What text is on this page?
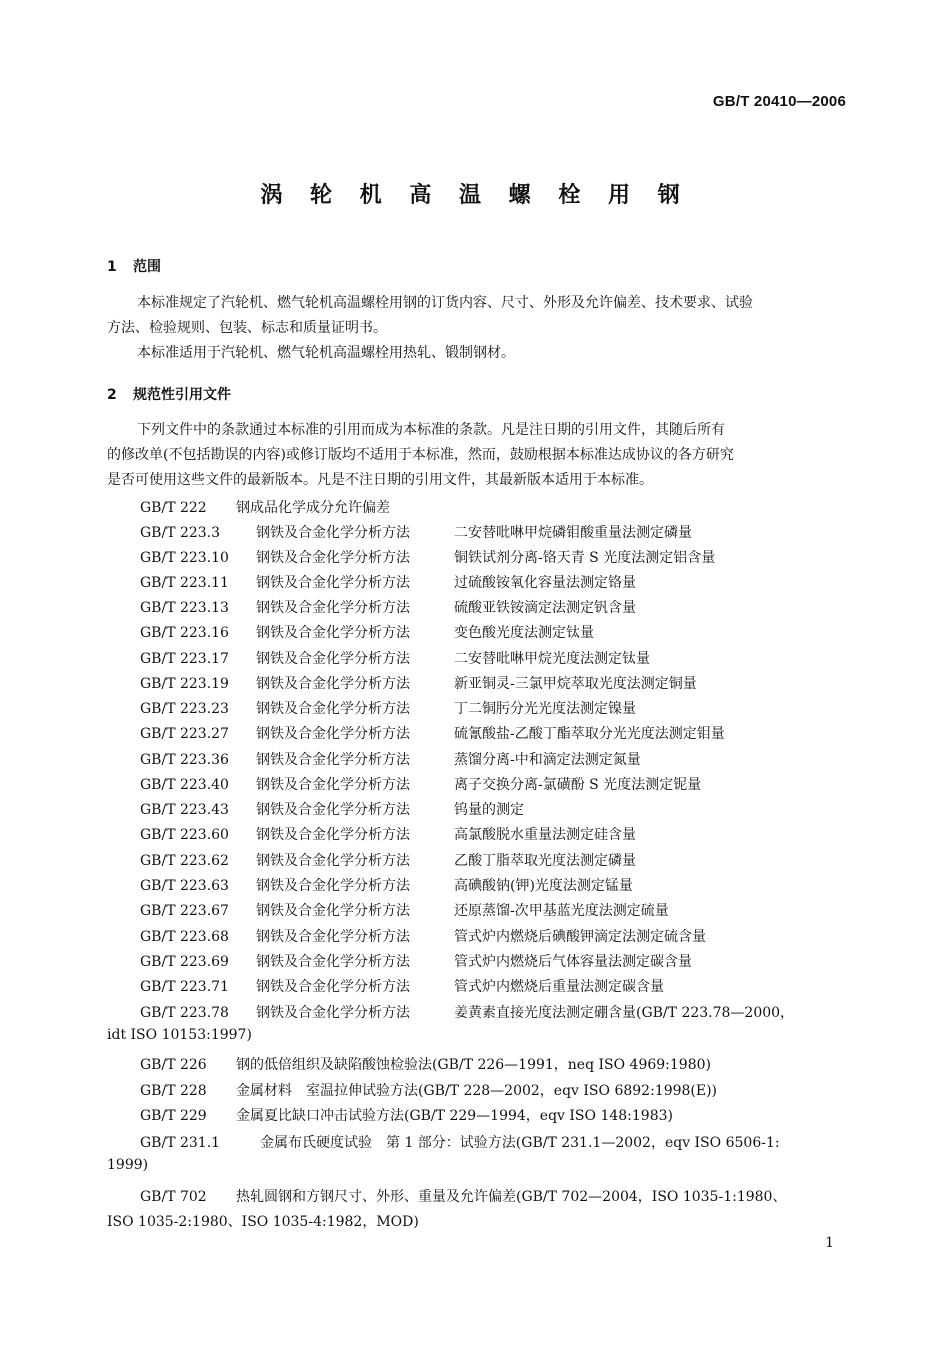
GB/T 20410—2006
涡 轮 机 高 温 螺 栓 用 钢
1 范围
本标准规定了汽轮机、燃气轮机高温螺栓用钢的订货内容、尺寸、外形及允许偏差、技术要求、试验
方法、检验规则、包装、标志和质量证明书。
本标准适用于汽轮机、燃气轮机高温螺栓用热轧、锻制钢材。
2 规范性引用文件
下列文件中的条款通过本标准的引用而成为本标准的条款。凡是注日期的引用文件，其随后所有
的修改单(不包括勘误的内容)或修订版均不适用于本标准，然而，鼓励根据本标准达成协议的各方研究
是否可使用这些文件的最新版本。凡是不注日期的引用文件，其最新版本适用于本标准。
GB/T 222 钢成品化学成分允许偏差
GB/T 223.3	钢铁及合金化学分析方法	二安替吡啉甲烷磷钼酸重量法测定磷量
GB/T 223.10 钢铁及合金化学分析方法	铜铁试剂分离-铬天青 S 光度法测定铝含量
GB/T 223.11 钢铁及合金化学分析方法	过硫酸铵氧化容量法测定铬量
GB/T 223.13 钢铁及合金化学分析方法	硫酸亚铁铵滴定法测定钒含量
GB/T 223.16 钢铁及合金化学分析方法	变色酸光度法测定钛量
GB/T 223.17 钢铁及合金化学分析方法	二安替吡啉甲烷光度法测定钛量
GB/T 223.19 钢铁及合金化学分析方法	新亚铜灵-三氯甲烷萃取光度法测定铜量
GB/T 223.23 钢铁及合金化学分析方法	丁二铜肟分光光度法测定镍量
GB/T 223.27 钢铁及合金化学分析方法	硫氰酸盐-乙酸丁酯萃取分光光度法测定钼量
GB/T 223.36 钢铁及合金化学分析方法	蒸馏分离-中和滴定法测定氮量
GB/T 223.40 钢铁及合金化学分析方法	离子交换分离-氯磺酚 S 光度法测定铌量
GB/T 223.43 钢铁及合金化学分析方法	钨量的测定
GB/T 223.60 钢铁及合金化学分析方法	高氯酸脱水重量法测定硅含量
GB/T 223.62 钢铁及合金化学分析方法	乙酸丁脂萃取光度法测定磷量
GB/T 223.63 钢铁及合金化学分析方法	高碘酸钠(钾)光度法测定锰量
GB/T 223.67 钢铁及合金化学分析方法	还原蒸馏-次甲基蓝光度法测定硫量
GB/T 223.68 钢铁及合金化学分析方法	管式炉内燃烧后碘酸钾滴定法测定硫含量
GB/T 223.69 钢铁及合金化学分析方法	管式炉内燃烧后气体容量法测定碳含量
GB/T 223.71 钢铁及合金化学分析方法	管式炉内燃烧后重量法测定碳含量
GB/T 223.78 钢铁及合金化学分析方法	姜黄素直接光度法测定硼含量(GB/T 223.78—2000，
idt ISO 10153:1997)
GB/T 226 钢的低倍组织及缺陷酸蚀检验法(GB/T 226—1991，neq ISO 4969:1980)
GB/T 228 金属材料　室温拉伸试验方法(GB/T 228—2002，eqv ISO 6892:1998(E))
GB/T 229 金属夏比缺口冲击试验方法(GB/T 229—1994，eqv ISO 148:1983)
GB/T 231.1	金属布氏硬度试验　第 1 部分：试验方法(GB/T 231.1—2002，eqv ISO 6506-1:
1999)
GB/T 702 热轧圆钢和方钢尺寸、外形、重量及允许偏差(GB/T 702—2004，ISO 1035-1:1980、
ISO 1035-2:1980、ISO 1035-4:1982，MOD)
1
